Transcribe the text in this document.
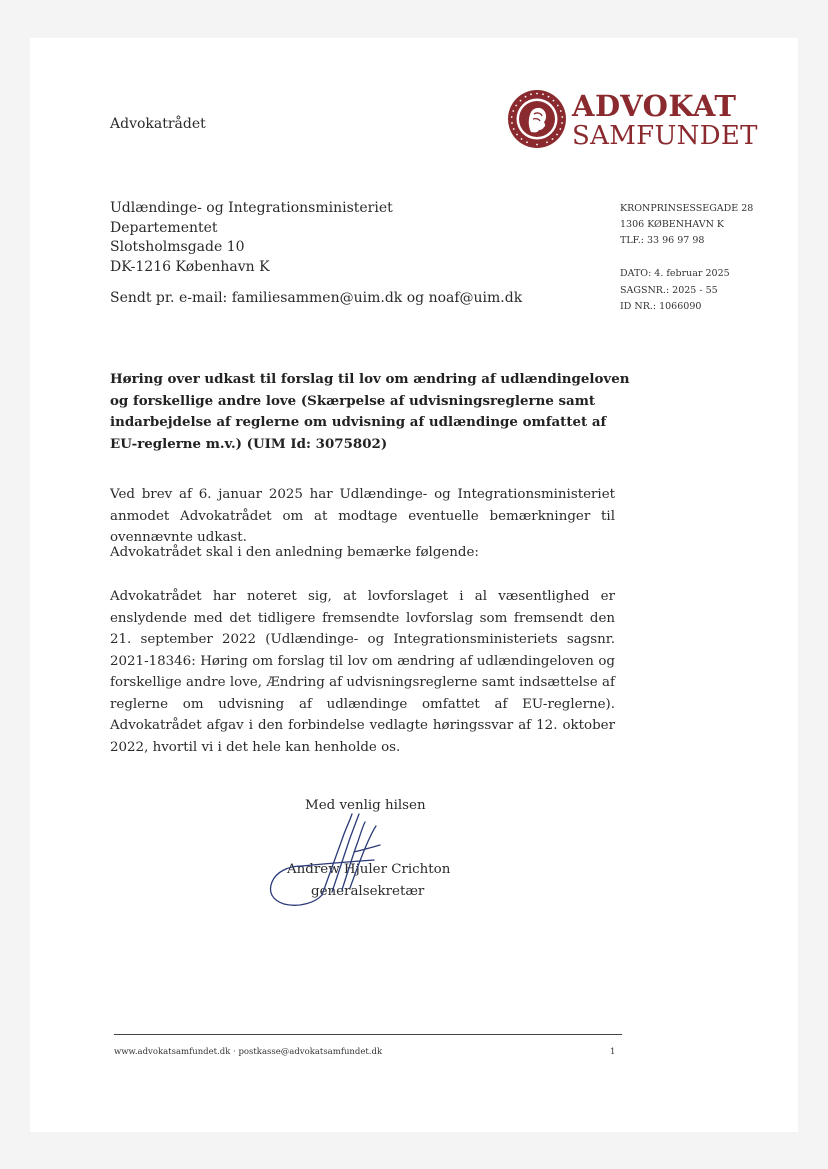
Advokatrådet
ADVOKAT
SAMFUNDET
Udlændinge- og Integrationsministeriet
Departementet
Slotsholmsgade 10
DK-1216 København K
Sendt pr. e-mail: familiesammen@uim.dk og noaf@uim.dk
KRONPRINSESSEGADE 28
1306 KØBENHAVN K
TLF.: 33 96 97 98
DATO: 4. februar 2025
SAGSNR.: 2025 - 55
ID NR.: 1066090
Høring over udkast til forslag til lov om ændring af udlændingeloven og forskellige andre love (Skærpelse af udvisningsreglerne samt indarbejdelse af reglerne om udvisning af udlændinge omfattet af EU-reglerne m.v.) (UIM Id: 3075802)
Ved brev af 6. januar 2025 har Udlændinge- og Integrationsministeriet anmodet Advokatrådet om at modtage eventuelle bemærkninger til ovennævnte udkast.
Advokatrådet skal i den anledning bemærke følgende:
Advokatrådet har noteret sig, at lovforslaget i al væsentlighed er enslydende med det tidligere fremsendte lovforslag som fremsendt den 21. september 2022 (Udlændinge- og Integrationsministeriets sagsnr. 2021-18346: Høring om forslag til lov om ændring af udlændingeloven og forskellige andre love, Ændring af udvisningsreglerne samt indsættelse af reglerne om udvisning af udlændinge omfattet af EU-reglerne). Advokatrådet afgav i den forbindelse vedlagte høringssvar af 12. oktober 2022, hvortil vi i det hele kan henholde os.
Med venlig hilsen
Andrew Hjuler Crichton
generalsekretær
www.advokatsamfundet.dk · postkasse@advokatsamfundet.dk	1
